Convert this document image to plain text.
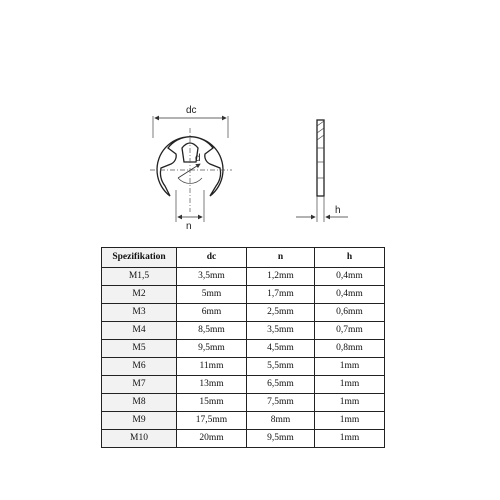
dc
d
n
h
Spezifikation	dc	n	h
M1,5	3,5mm	1,2mm	0,4mm
M2	5mm	1,7mm	0,4mm
M3	6mm	2,5mm	0,6mm
M4	8,5mm	3,5mm	0,7mm
M5	9,5mm	4,5mm	0,8mm
M6	11mm	5,5mm	1mm
M7	13mm	6,5mm	1mm
M8	15mm	7,5mm	1mm
M9	17,5mm	8mm	1mm
M10	20mm	9,5mm	1mm
